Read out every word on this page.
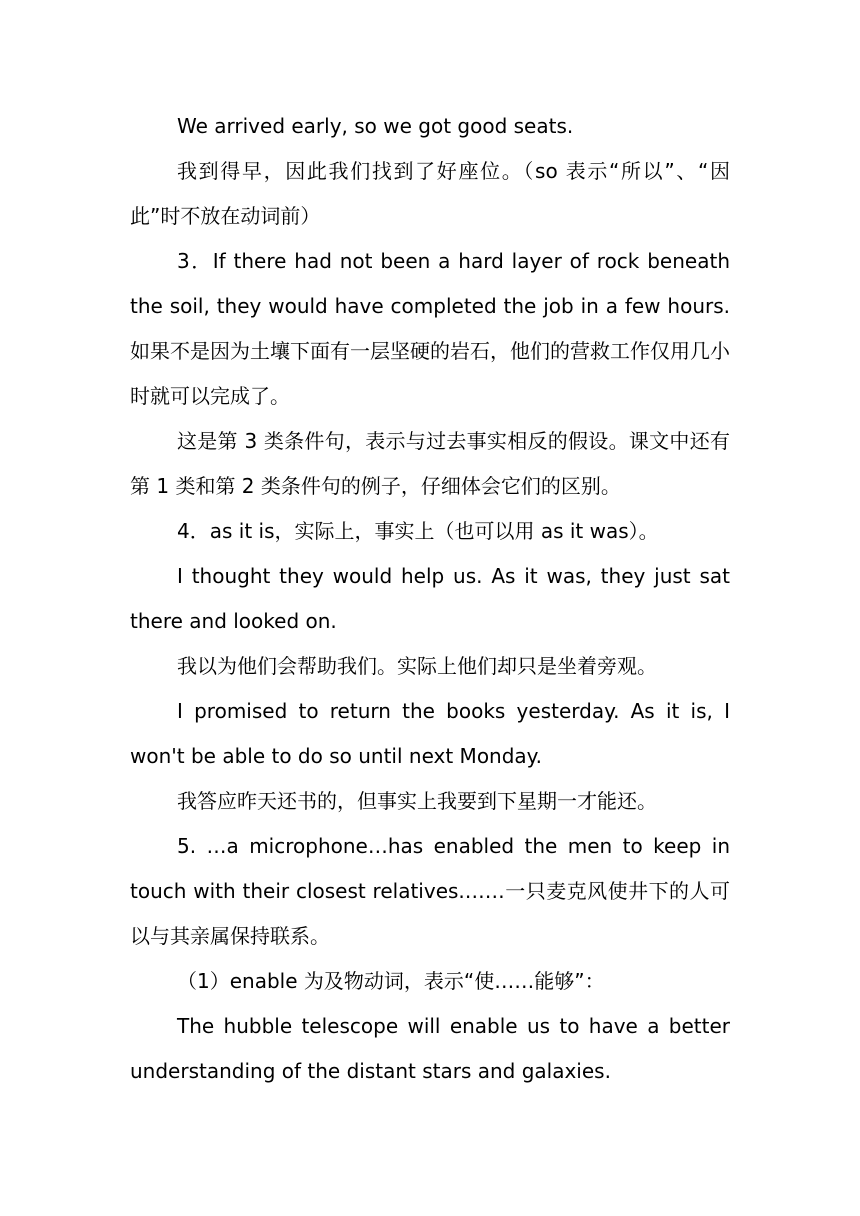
We arrived early, so we got good seats.

我到得早，因此我们找到了好座位。（so 表示“所以”、“因此”时不放在动词前）

3．If there had not been a hard layer of rock beneath the soil, they would have completed the job in a few hours. 如果不是因为土壤下面有一层坚硬的岩石，他们的营救工作仅用几小时就可以完成了。

这是第 3 类条件句，表示与过去事实相反的假设。课文中还有第 1 类和第 2 类条件句的例子，仔细体会它们的区别。

4．as it is，实际上，事实上（也可以用 as it was）。

I thought they would help us. As it was, they just sat there and looked on.

我以为他们会帮助我们。实际上他们却只是坐着旁观。

I promised to return the books yesterday. As it is, I won't be able to do so until next Monday.

我答应昨天还书的，但事实上我要到下星期一才能还。

5. …a microphone…has enabled the men to keep in touch with their closest relatives.……一只麦克风使井下的人可以与其亲属保持联系。

（1）enable 为及物动词，表示“使……能够”：

The hubble telescope will enable us to have a better understanding of the distant stars and galaxies.
